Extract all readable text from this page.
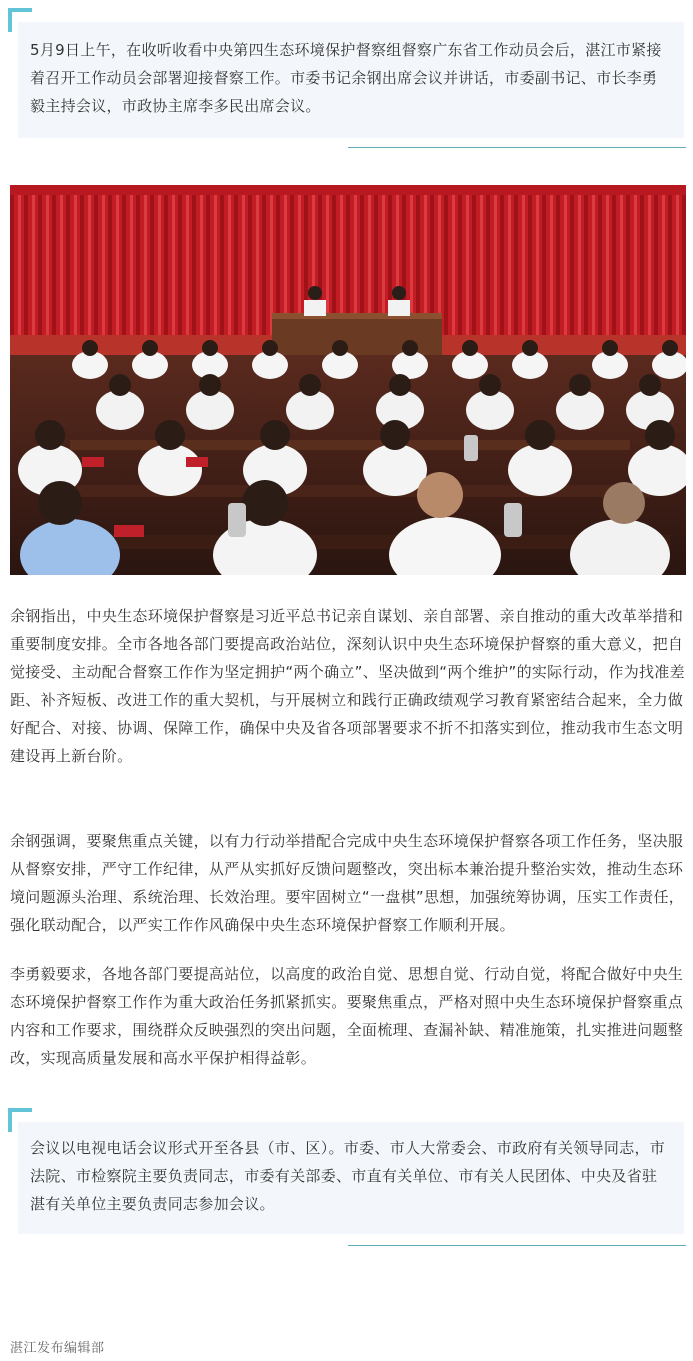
5月9日上午，在收听收看中央第四生态环境保护督察组督察广东省工作动员会后，湛江市紧接着召开工作动员会部署迎接督察工作。市委书记余钢出席会议并讲话，市委副书记、市长李勇毅主持会议，市政协主席李多民出席会议。

余钢指出，中央生态环境保护督察是习近平总书记亲自谋划、亲自部署、亲自推动的重大改革举措和重要制度安排。全市各地各部门要提高政治站位，深刻认识中央生态环境保护督察的重大意义，把自觉接受、主动配合督察工作作为坚定拥护“两个确立”、坚决做到“两个维护”的实际行动，作为找准差距、补齐短板、改进工作的重大契机，与开展树立和践行正确政绩观学习教育紧密结合起来，全力做好配合、对接、协调、保障工作，确保中央及省各项部署要求不折不扣落实到位，推动我市生态文明建设再上新台阶。

余钢强调，要聚焦重点关键，以有力行动举措配合完成中央生态环境保护督察各项工作任务，坚决服从督察安排，严守工作纪律，从严从实抓好反馈问题整改，突出标本兼治提升整治实效，推动生态环境问题源头治理、系统治理、长效治理。要牢固树立“一盘棋”思想，加强统筹协调，压实工作责任，强化联动配合，以严实工作作风确保中央生态环境保护督察工作顺利开展。

李勇毅要求，各地各部门要提高站位，以高度的政治自觉、思想自觉、行动自觉，将配合做好中央生态环境保护督察工作作为重大政治任务抓紧抓实。要聚焦重点，严格对照中央生态环境保护督察重点内容和工作要求，围绕群众反映强烈的突出问题，全面梳理、查漏补缺、精准施策，扎实推进问题整改，实现高质量发展和高水平保护相得益彰。

会议以电视电话会议形式开至各县（市、区）。市委、市人大常委会、市政府有关领导同志，市法院、市检察院主要负责同志，市委有关部委、市直有关单位、市有关人民团体、中央及省驻湛有关单位主要负责同志参加会议。
湛江发布编辑部
